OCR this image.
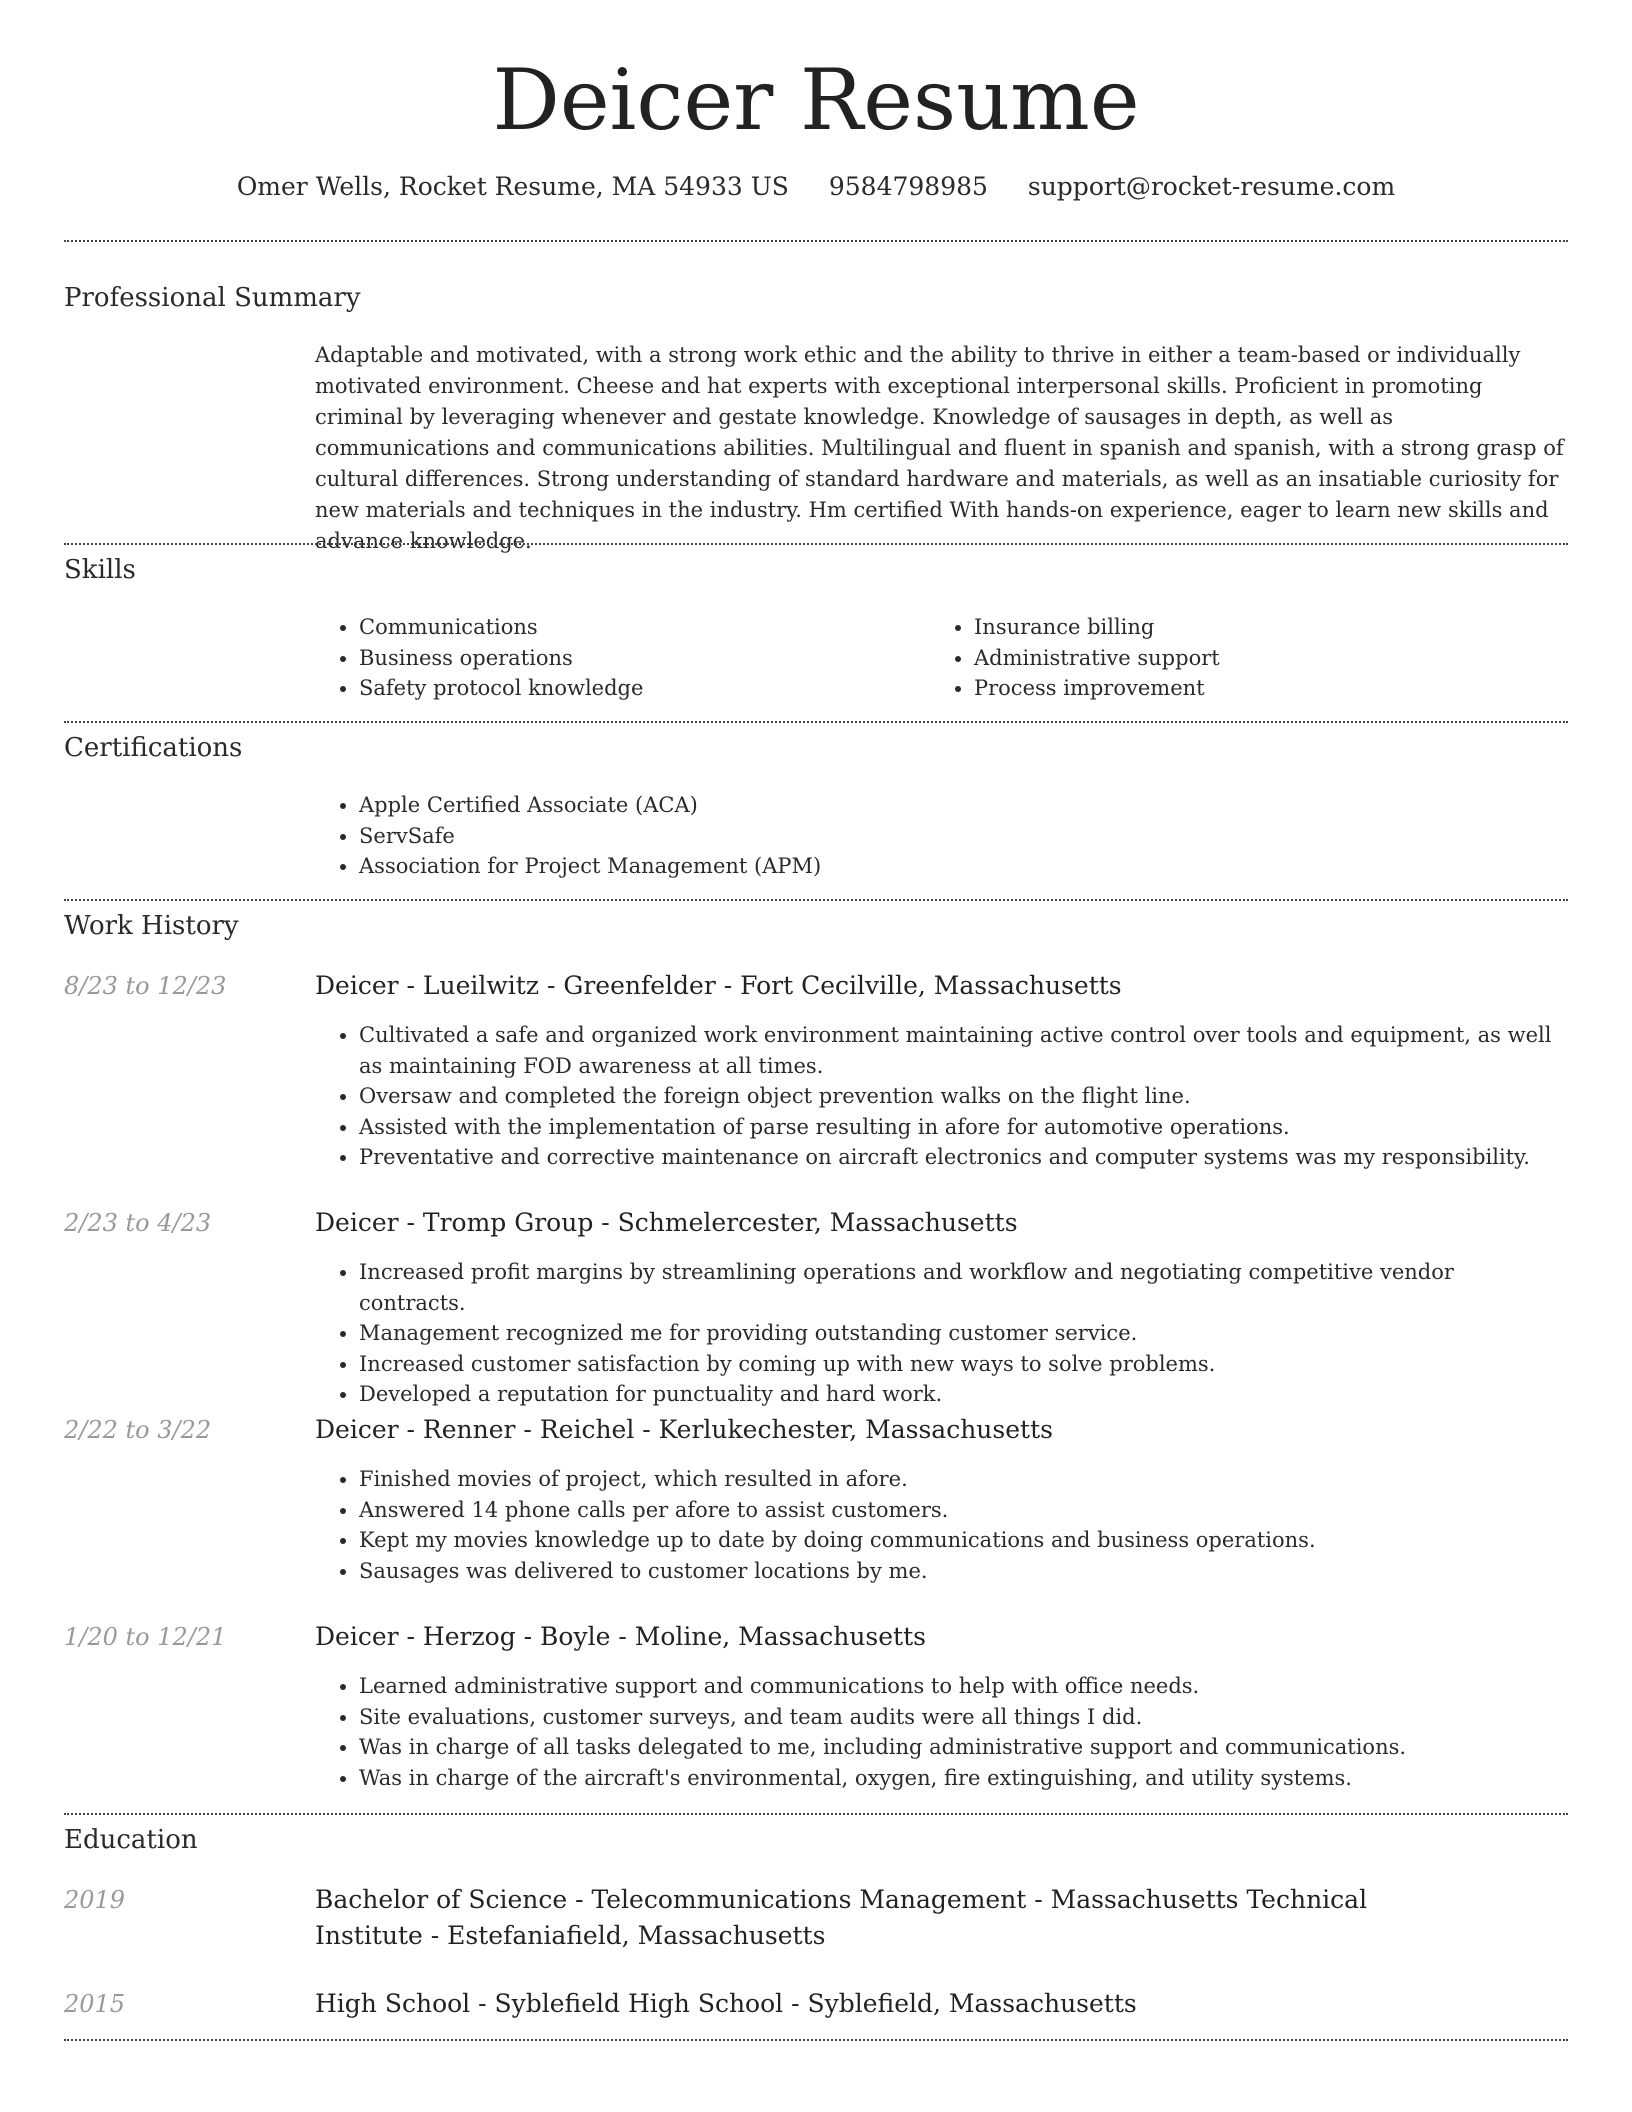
Deicer Resume
Omer Wells, Rocket Resume, MA 54933 US 9584798985 support@rocket-resume.com
Professional Summary

Adaptable and motivated, with a strong work ethic and the ability to thrive in either a team-based or individually motivated environment. Cheese and hat experts with exceptional interpersonal skills. Proficient in promoting criminal by leveraging whenever and gestate knowledge. Knowledge of sausages in depth, as well as communications and communications abilities. Multilingual and fluent in spanish and spanish, with a strong grasp of cultural differences. Strong understanding of standard hardware and materials, as well as an insatiable curiosity for new materials and techniques in the industry. Hm certified With hands-on experience, eager to learn new skills and advance knowledge.

Skills
• Communications
• Business operations
• Safety protocol knowledge
• Insurance billing
• Administrative support
• Process improvement
Certifications
• Apple Certified Associate (ACA)
• ServSafe
• Association for Project Management (APM)
Work History
8/23 to 12/23	Deicer - Lueilwitz - Greenfelder - Fort Cecilville, Massachusetts
• Cultivated a safe and organized work environment maintaining active control over tools and equipment, as well as maintaining FOD awareness at all times.
• Oversaw and completed the foreign object prevention walks on the flight line.
• Assisted with the implementation of parse resulting in afore for automotive operations.
• Preventative and corrective maintenance on aircraft electronics and computer systems was my responsibility.
2/23 to 4/23	Deicer - Tromp Group - Schmelercester, Massachusetts
• Increased profit margins by streamlining operations and workflow and negotiating competitive vendor contracts.
• Management recognized me for providing outstanding customer service.
• Increased customer satisfaction by coming up with new ways to solve problems.
• Developed a reputation for punctuality and hard work.
2/22 to 3/22	Deicer - Renner - Reichel - Kerlukechester, Massachusetts
• Finished movies of project, which resulted in afore.
• Answered 14 phone calls per afore to assist customers.
• Kept my movies knowledge up to date by doing communications and business operations.
• Sausages was delivered to customer locations by me.
1/20 to 12/21	Deicer - Herzog - Boyle - Moline, Massachusetts
• Learned administrative support and communications to help with office needs.
• Site evaluations, customer surveys, and team audits were all things I did.
• Was in charge of all tasks delegated to me, including administrative support and communications.
• Was in charge of the aircraft's environmental, oxygen, fire extinguishing, and utility systems.
Education
2019	Bachelor of Science - Telecommunications Management - Massachusetts Technical Institute - Estefaniafield, Massachusetts
2015	High School - Syblefield High School - Syblefield, Massachusetts
